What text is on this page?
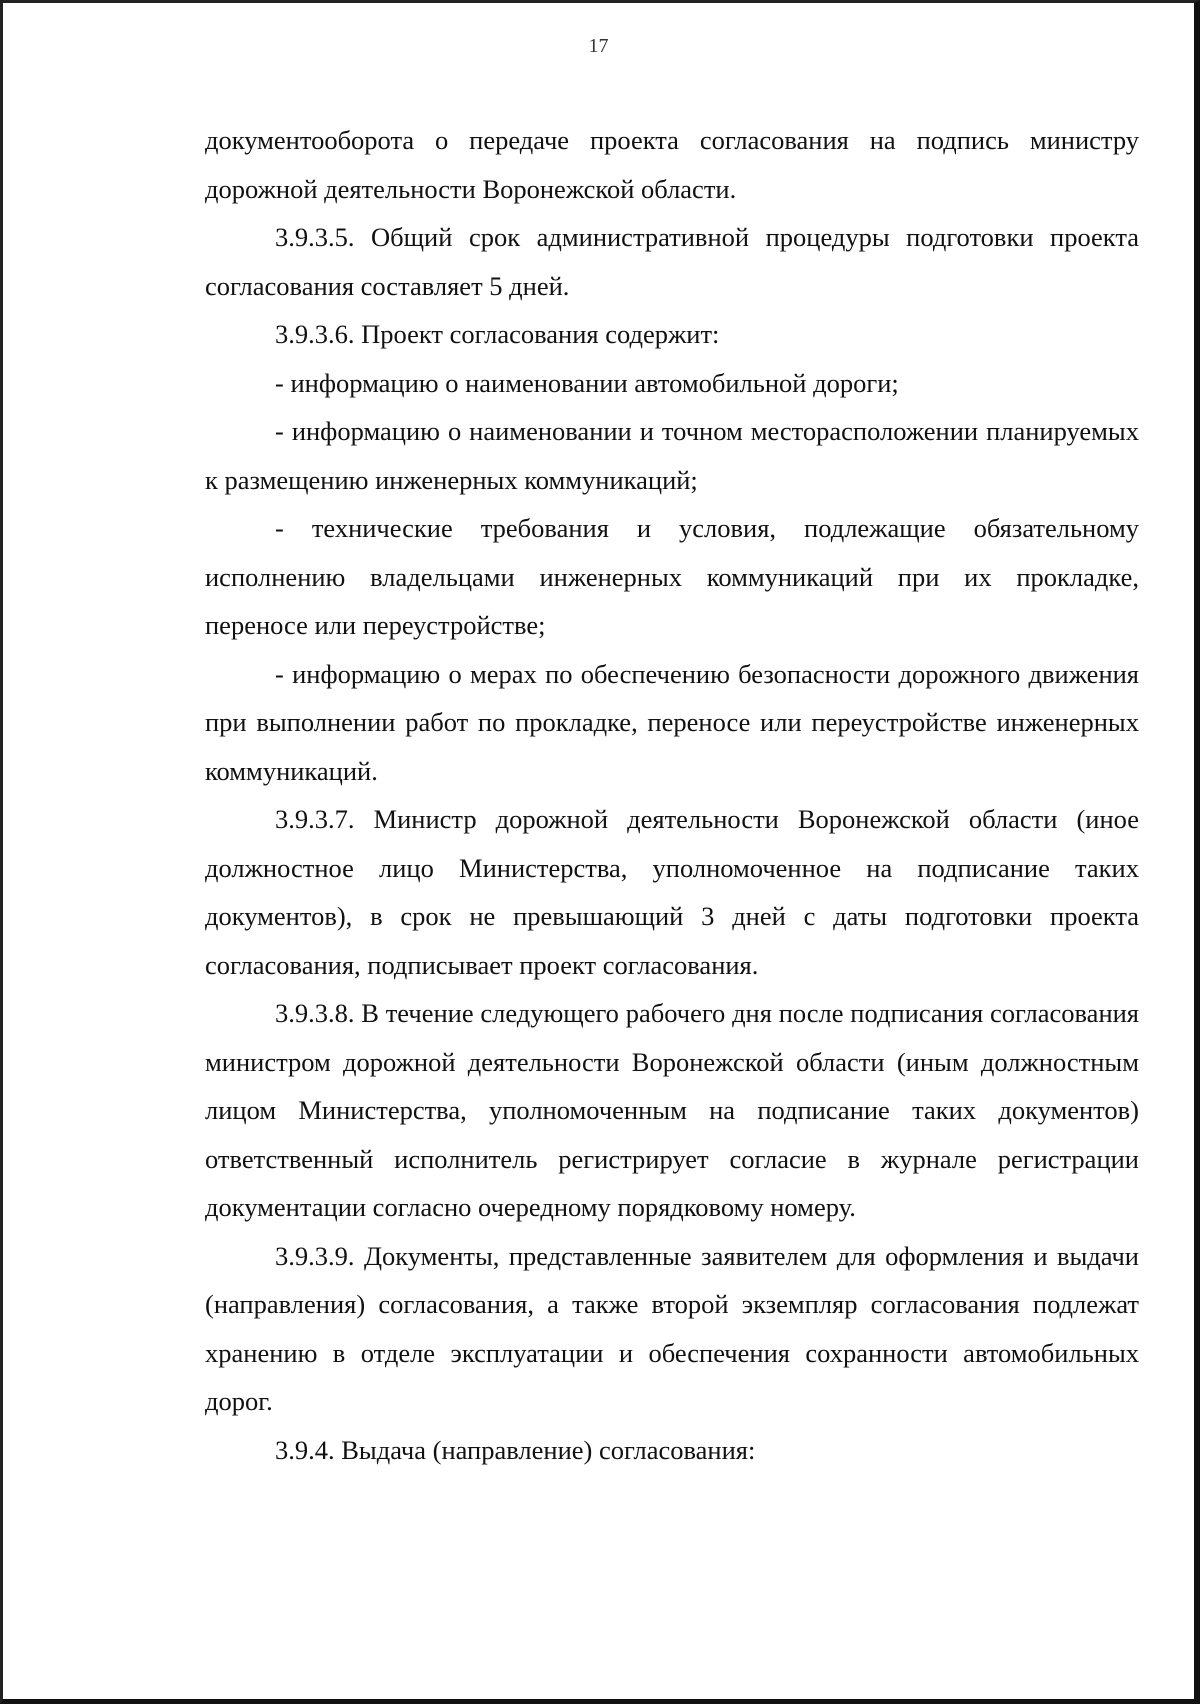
17

документооборота о передаче проекта согласования на подпись министру дорожной деятельности Воронежской области.

3.9.3.5. Общий срок административной процедуры подготовки проекта согласования составляет 5 дней.

3.9.3.6. Проект согласования содержит:

- информацию о наименовании автомобильной дороги;

- информацию о наименовании и точном месторасположении планируемых к размещению инженерных коммуникаций;

- технические требования и условия, подлежащие обязательному исполнению владельцами инженерных коммуникаций при их прокладке, переносе или переустройстве;

- информацию о мерах по обеспечению безопасности дорожного движения при выполнении работ по прокладке, переносе или переустройстве инженерных коммуникаций.

3.9.3.7. Министр дорожной деятельности Воронежской области (иное должностное лицо Министерства, уполномоченное на подписание таких документов), в срок не превышающий 3 дней с даты подготовки проекта согласования, подписывает проект согласования.

3.9.3.8. В течение следующего рабочего дня после подписания согласования министром дорожной деятельности Воронежской области (иным должностным лицом Министерства, уполномоченным на подписание таких документов) ответственный исполнитель регистрирует согласие в журнале регистрации документации согласно очередному порядковому номеру.

3.9.3.9. Документы, представленные заявителем для оформления и выдачи (направления) согласования, а также второй экземпляр согласования подлежат хранению в отделе эксплуатации и обеспечения сохранности автомобильных дорог.

3.9.4. Выдача (направление) согласования:
